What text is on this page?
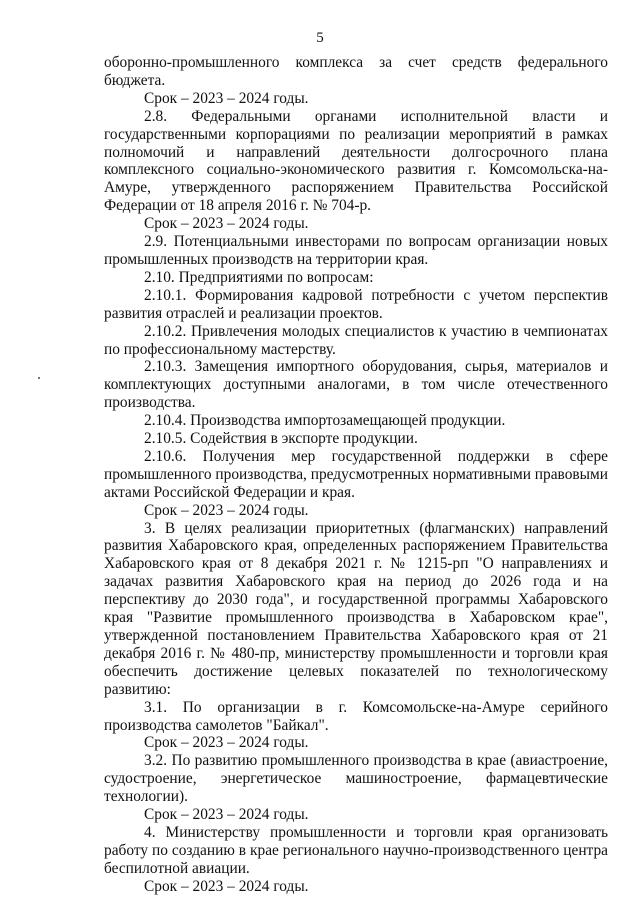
5

оборонно-промышленного комплекса за счет средств федерального бюджета.

Срок – 2023 – 2024 годы.

2.8. Федеральными органами исполнительной власти и государственными корпорациями по реализации мероприятий в рамках полномочий и направлений деятельности долгосрочного плана комплексного социально-экономического развития г. Комсомольска-на-Амуре, утвержденного распоряжением Правительства Российской Федерации от 18 апреля 2016 г. № 704-р.

Срок – 2023 – 2024 годы.

2.9. Потенциальными инвесторами по вопросам организации новых промышленных производств на территории края.

2.10. Предприятиями по вопросам:

2.10.1. Формирования кадровой потребности с учетом перспектив развития отраслей и реализации проектов.

2.10.2. Привлечения молодых специалистов к участию в чемпионатах по профессиональному мастерству.

2.10.3. Замещения импортного оборудования, сырья, материалов и комплектующих доступными аналогами, в том числе отечественного производства.

2.10.4. Производства импортозамещающей продукции.

2.10.5. Содействия в экспорте продукции.

2.10.6. Получения мер государственной поддержки в сфере промышленного производства, предусмотренных нормативными правовыми актами Российской Федерации и края.

Срок – 2023 – 2024 годы.

3. В целях реализации приоритетных (флагманских) направлений развития Хабаровского края, определенных распоряжением Правительства Хабаровского края от 8 декабря 2021 г. № 1215-рп "О направлениях и задачах развития Хабаровского края на период до 2026 года и на перспективу до 2030 года", и государственной программы Хабаровского края "Развитие промышленного производства в Хабаровском крае", утвержденной постановлением Правительства Хабаровского края от 21 декабря 2016 г. № 480-пр, министерству промышленности и торговли края обеспечить достижение целевых показателей по технологическому развитию:

3.1. По организации в г. Комсомольске-на-Амуре серийного производства самолетов "Байкал".

Срок – 2023 – 2024 годы.

3.2. По развитию промышленного производства в крае (авиастроение, судостроение, энергетическое машиностроение, фармацевтические технологии).

Срок – 2023 – 2024 годы.

4. Министерству промышленности и торговли края организовать работу по созданию в крае регионального научно-производственного центра беспилотной авиации.

Срок – 2023 – 2024 годы.
